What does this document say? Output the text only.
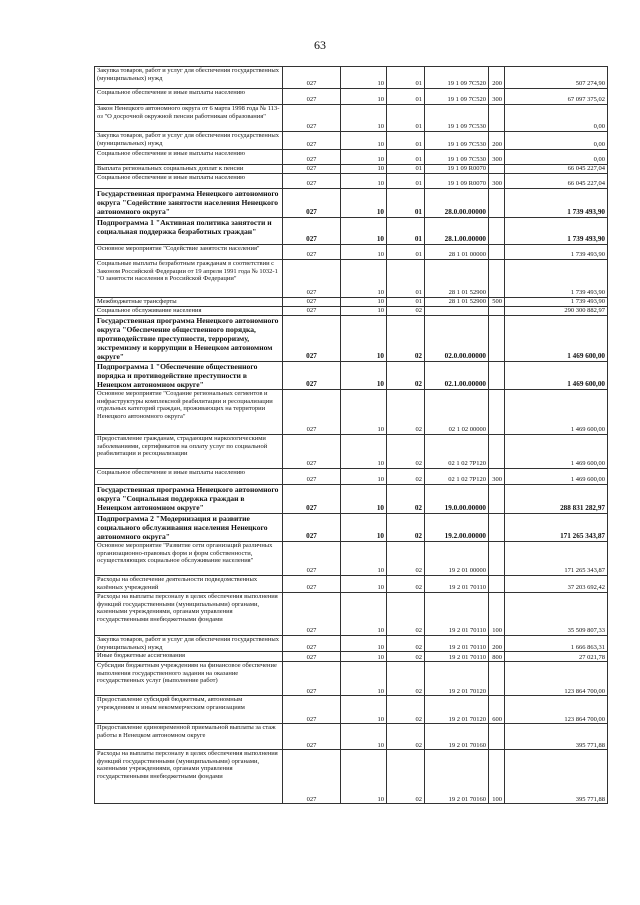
63
Закупка товаров, работ и услуг для обеспечения государственных (муниципальных) нужд	027	10	01	19 1 09 7С520	200	507 274,90
Социальное обеспечение и иные выплаты населению	027	10	01	19 1 09 7С520	300	67 097 375,02
Закон Ненецкого автономного округа от 6 марта 1998 года № 113-оз "О досрочной окружной пенсии работникам образования"	027	10	01	19 1 09 7С530		0,00
Закупка товаров, работ и услуг для обеспечения государственных (муниципальных) нужд	027	10	01	19 1 09 7С530	200	0,00
Социальное обеспечение и иные выплаты населению	027	10	01	19 1 09 7С530	300	0,00
Выплата региональных социальных доплат к пенсии	027	10	01	19 1 09 R0070		66 045 227,04
Социальное обеспечение и иные выплаты населению	027	10	01	19 1 09 R0070	300	66 045 227,04
Государственная программа Ненецкого автономного округа "Содействие занятости населения Ненецкого автономного округа"	027	10	01	28.0.00.00000		1 739 493,90
Подпрограмма 1 "Активная политика занятости и социальная поддержка безработных граждан"	027	10	01	28.1.00.00000		1 739 493,90
Основное мероприятие "Содействие занятости населения"	027	10	01	28 1 01 00000		1 739 493,90
Социальные выплаты безработным гражданам в соответствии с Законом Российской Федерации от 19 апреля 1991 года № 1032-1 "О занятости населения в Российской Федерации"	027	10	01	28 1 01 52900		1 739 493,90
Межбюджетные трансферты	027	10	01	28 1 01 52900	500	1 739 493,90
Социальное обслуживание населения	027	10	02			290 300 882,97
Государственная программа Ненецкого автономного округа "Обеспечение общественного порядка, противодействие преступности, терроризму, экстремизму и коррупции в Ненецком автономном округе"	027	10	02	02.0.00.00000		1 469 600,00
Подпрограмма 1 "Обеспечение общественного порядка и противодействие преступности в Ненецком автономном округе"	027	10	02	02.1.00.00000		1 469 600,00
Основное мероприятие "Создание региональных сегментов и инфраструктуры комплексной реабилитации и ресоциализации отдельных категорий граждан, проживающих на территории Ненецкого автономного округа"	027	10	02	02 1 02 00000		1 469 600,00
Предоставление гражданам, страдающим наркологическими заболеваниями, сертификатов на оплату услуг по социальной реабилитации и ресоциализации	027	10	02	02 1 02 7Р120		1 469 600,00
Социальное обеспечение и иные выплаты населению	027	10	02	02 1 02 7Р120	300	1 469 600,00
Государственная программа Ненецкого автономного округа "Социальная поддержка граждан в Ненецком автономном округе"	027	10	02	19.0.00.00000		288 831 282,97
Подпрограмма 2 "Модернизация и развитие социального обслуживания населения Ненецкого автономного округа"	027	10	02	19.2.00.00000		171 265 343,87
Основное мероприятие "Развитие сети организаций различных организационно-правовых форм и форм собственности, осуществляющих социальное обслуживание населения"	027	10	02	19 2 01 00000		171 265 343,87
Расходы на обеспечение деятельности подведомственных казённых учреждений	027	10	02	19 2 01 70110		37 203 692,42
Расходы на выплаты персоналу в целях обеспечения выполнения функций государственными (муниципальными) органами, казенными учреждениями, органами управления государственными внебюджетными фондами	027	10	02	19 2 01 70110	100	35 509 807,33
Закупка товаров, работ и услуг для обеспечения государственных (муниципальных) нужд	027	10	02	19 2 01 70110	200	1 666 863,31
Иные бюджетные ассигнования	027	10	02	19 2 01 70110	800	27 021,78
Субсидии бюджетным учреждениям на финансовое обеспечение выполнения государственного задания на оказание государственных услуг (выполнение работ)	027	10	02	19 2 01 70120		123 864 700,00
Предоставление субсидий бюджетным, автономным учреждениям и иным некоммерческим организациям	027	10	02	19 2 01 70120	600	123 864 700,00
Предоставление единовременной приемальной выплаты за стаж работы в Ненецком автономном округе	027	10	02	19 2 01 70160		395 771,88
Расходы на выплаты персоналу в целях обеспечения выполнения функций государственными (муниципальными) органами, казенными учреждениями, органами управления государственными внебюджетными фондами	027	10	02	19 2 01 70160	100	395 771,88
